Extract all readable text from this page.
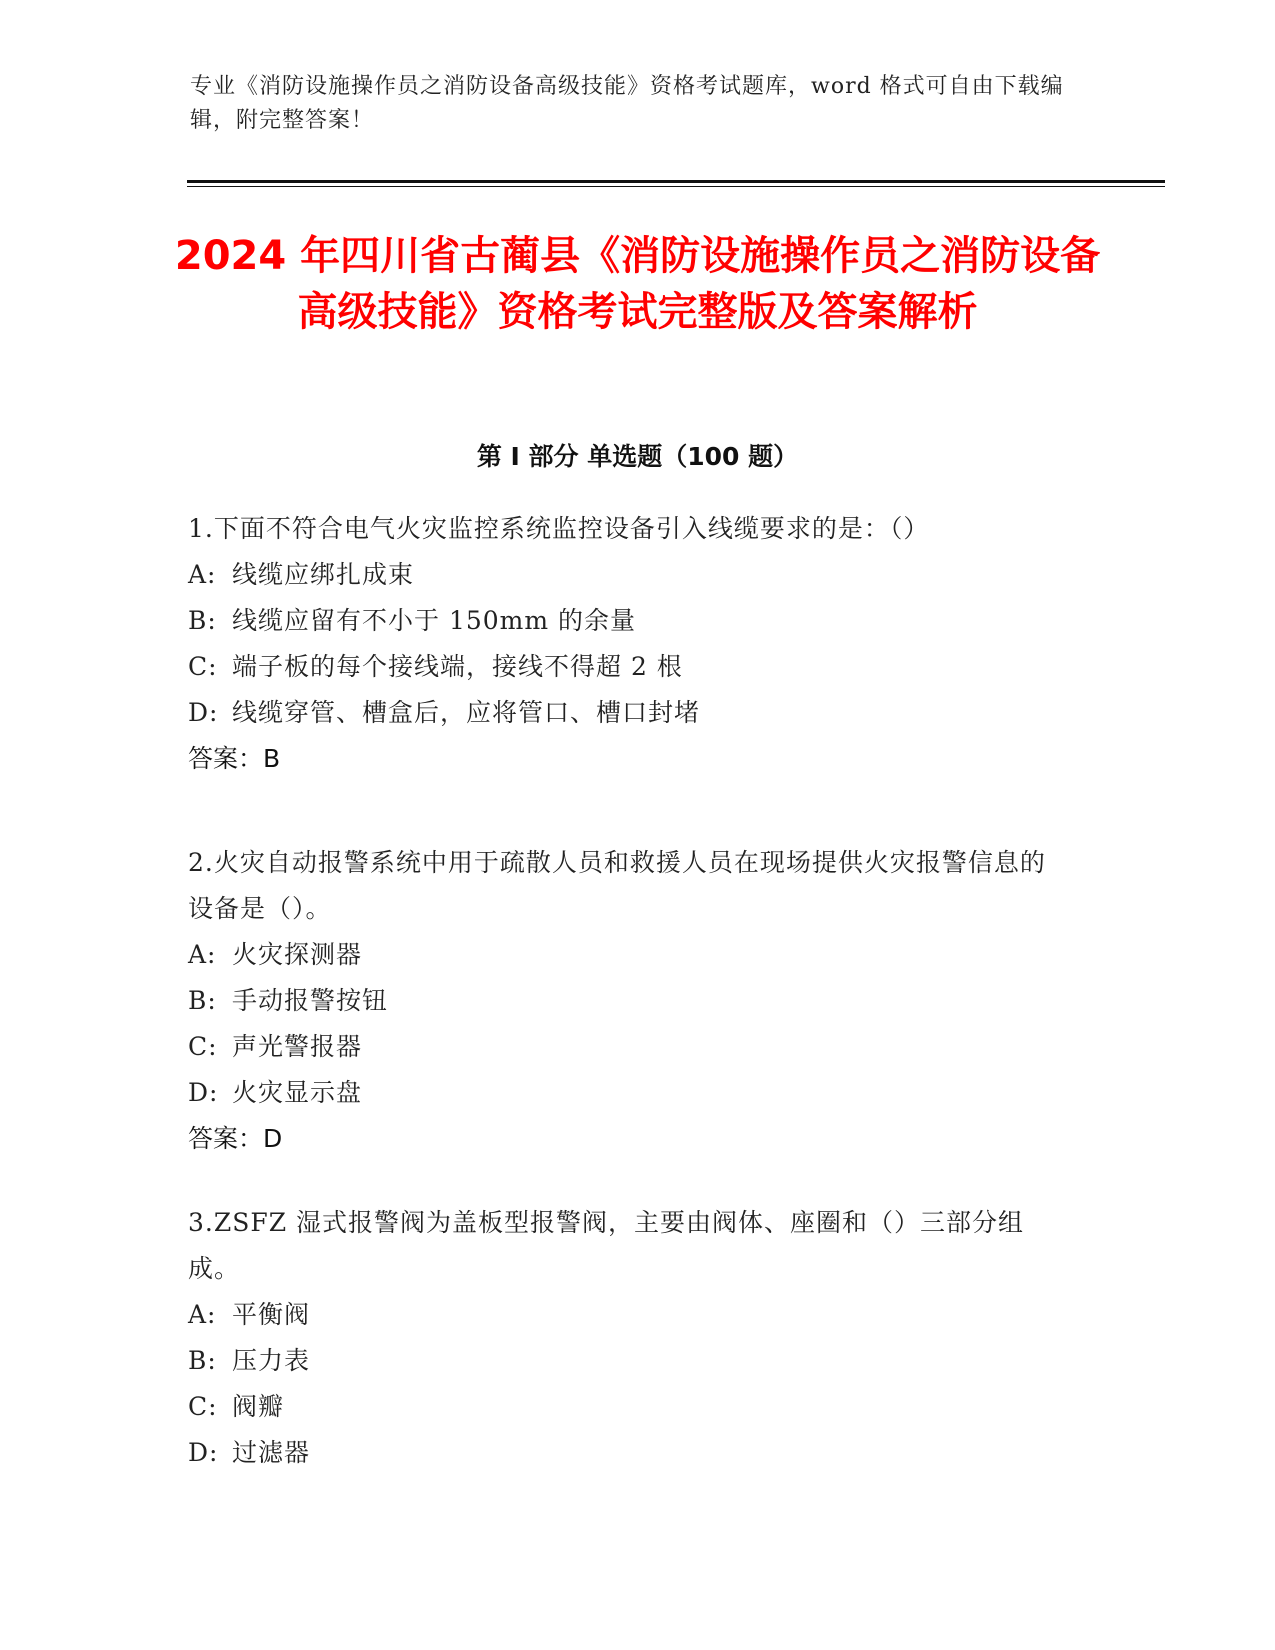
专业《消防设施操作员之消防设备高级技能》资格考试题库，word 格式可自由下载编辑，附完整答案！
2024 年四川省古蔺县《消防设施操作员之消防设备高级技能》资格考试完整版及答案解析
第 I 部分 单选题（100 题）

1.下面不符合电气火灾监控系统监控设备引入线缆要求的是：（）

A: 线缆应绑扎成束

B: 线缆应留有不小于 150mm 的余量

C: 端子板的每个接线端，接线不得超 2 根

D: 线缆穿管、槽盒后，应将管口、槽口封堵

答案：B

2.火灾自动报警系统中用于疏散人员和救援人员在现场提供火灾报警信息的设备是（）。

A: 火灾探测器

B: 手动报警按钮

C: 声光警报器

D: 火灾显示盘

答案：D

3.ZSFZ 湿式报警阀为盖板型报警阀，主要由阀体、座圈和（）三部分组成。

A: 平衡阀

B: 压力表

C: 阀瓣

D: 过滤器
